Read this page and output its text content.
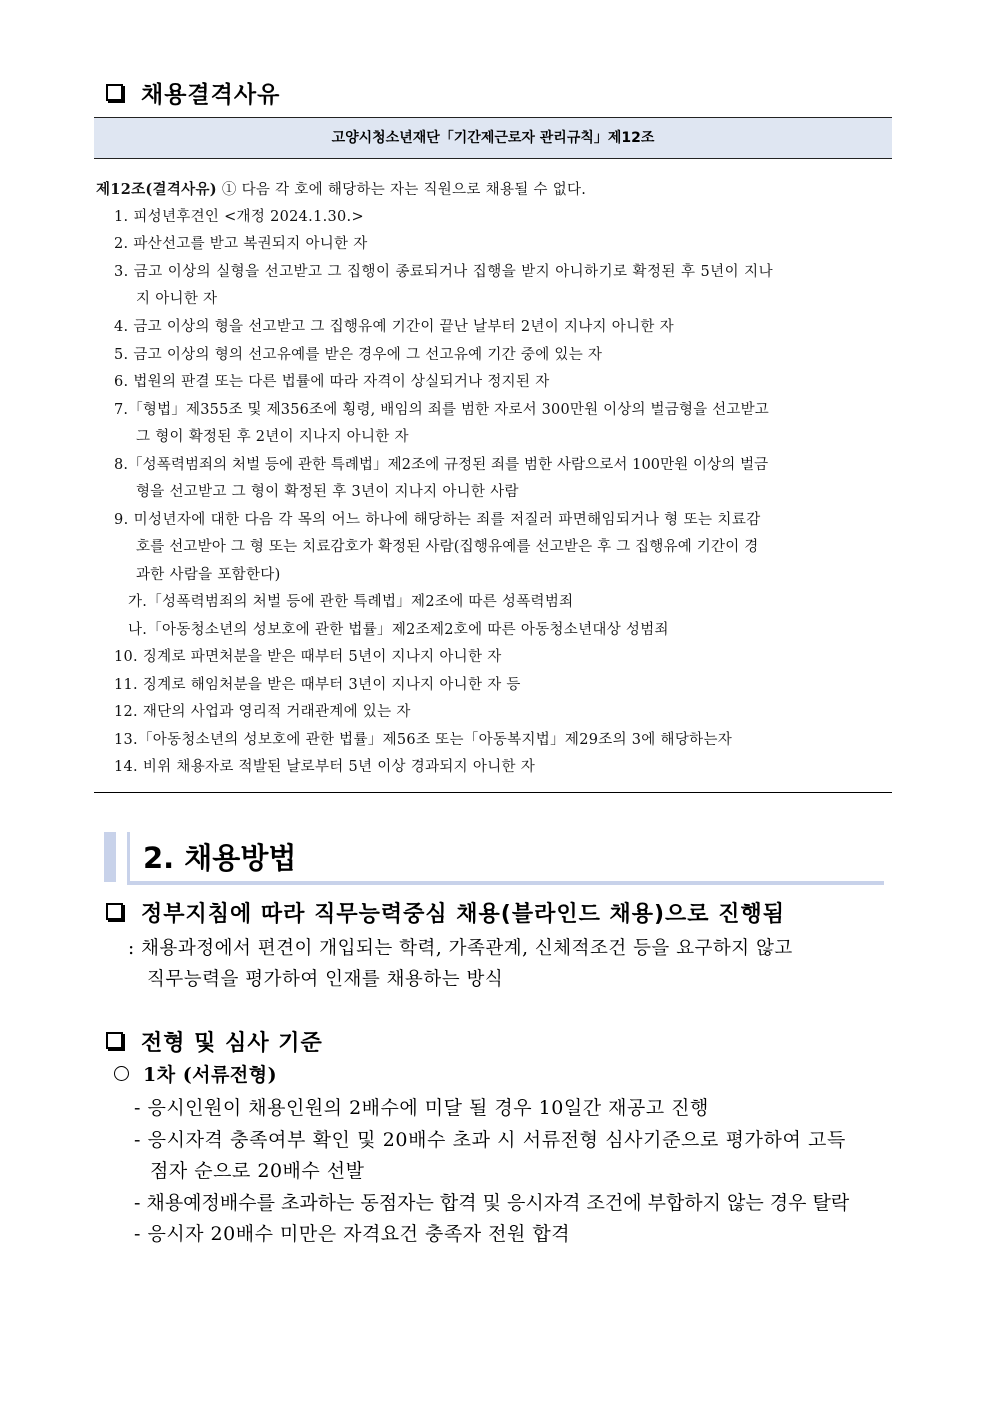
채용결격사유
고양시청소년재단「기간제근로자 관리규칙」제12조
제12조(결격사유) ① 다음 각 호에 해당하는 자는 직원으로 채용될 수 없다.
1. 피성년후견인 <개정 2024.1.30.>
2. 파산선고를 받고 복권되지 아니한 자
3. 금고 이상의 실형을 선고받고 그 집행이 종료되거나 집행을 받지 아니하기로 확정된 후 5년이 지나
지 아니한 자
4. 금고 이상의 형을 선고받고 그 집행유예 기간이 끝난 날부터 2년이 지나지 아니한 자
5. 금고 이상의 형의 선고유예를 받은 경우에 그 선고유예 기간 중에 있는 자
6. 법원의 판결 또는 다른 법률에 따라 자격이 상실되거나 정지된 자
7.「형법」제355조 및 제356조에 횡령, 배임의 죄를 범한 자로서 300만원 이상의 벌금형을 선고받고
그 형이 확정된 후 2년이 지나지 아니한 자
8.「성폭력범죄의 처벌 등에 관한 특례법」제2조에 규정된 죄를 범한 사람으로서 100만원 이상의 벌금
형을 선고받고 그 형이 확정된 후 3년이 지나지 아니한 사람
9. 미성년자에 대한 다음 각 목의 어느 하나에 해당하는 죄를 저질러 파면해임되거나 형 또는 치료감
호를 선고받아 그 형 또는 치료감호가 확정된 사람(집행유예를 선고받은 후 그 집행유예 기간이 경
과한 사람을 포함한다)
가.「성폭력범죄의 처벌 등에 관한 특례법」제2조에 따른 성폭력범죄
나.「아동청소년의 성보호에 관한 법률」제2조제2호에 따른 아동청소년대상 성범죄
10. 징계로 파면처분을 받은 때부터 5년이 지나지 아니한 자
11. 징계로 해임처분을 받은 때부터 3년이 지나지 아니한 자 등
12. 재단의 사업과 영리적 거래관계에 있는 자
13.「아동청소년의 성보호에 관한 법률」제56조 또는「아동복지법」제29조의 3에 해당하는자
14. 비위 채용자로 적발된 날로부터 5년 이상 경과되지 아니한 자
2. 채용방법
정부지침에 따라 직무능력중심 채용(블라인드 채용)으로 진행됨
: 채용과정에서 편견이 개입되는 학력, 가족관계, 신체적조건 등을 요구하지 않고
직무능력을 평가하여 인재를 채용하는 방식
전형 및 심사 기준
1차 (서류전형)
- 응시인원이 채용인원의 2배수에 미달 될 경우 10일간 재공고 진행
- 응시자격 충족여부 확인 및 20배수 초과 시 서류전형 심사기준으로 평가하여 고득
점자 순으로 20배수 선발
- 채용예정배수를 초과하는 동점자는 합격 및 응시자격 조건에 부합하지 않는 경우 탈락
- 응시자 20배수 미만은 자격요건 충족자 전원 합격
